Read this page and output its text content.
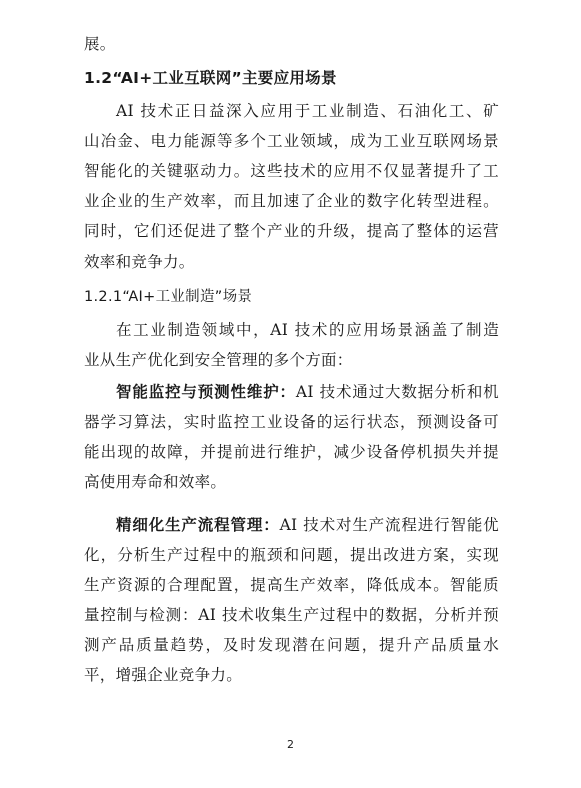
展。
1.2“AI+工业互联网”主要应用场景
AI 技术正日益深入应用于工业制造、石油化工、矿
山冶金、电力能源等多个工业领域，成为工业互联网场景
智能化的关键驱动力。这些技术的应用不仅显著提升了工
业企业的生产效率，而且加速了企业的数字化转型进程。
同时，它们还促进了整个产业的升级，提高了整体的运营
效率和竞争力。
1.2.1“AI+工业制造”场景
在工业制造领域中，AI 技术的应用场景涵盖了制造
业从生产优化到安全管理的多个方面：
智能监控与预测性维护：AI 技术通过大数据分析和机
器学习算法，实时监控工业设备的运行状态，预测设备可
能出现的故障，并提前进行维护，减少设备停机损失并提
高使用寿命和效率。
精细化生产流程管理：AI 技术对生产流程进行智能优
化，分析生产过程中的瓶颈和问题，提出改进方案，实现
生产资源的合理配置，提高生产效率，降低成本。智能质
量控制与检测：AI 技术收集生产过程中的数据，分析并预
测产品质量趋势，及时发现潜在问题，提升产品质量水
平，增强企业竞争力。
2
